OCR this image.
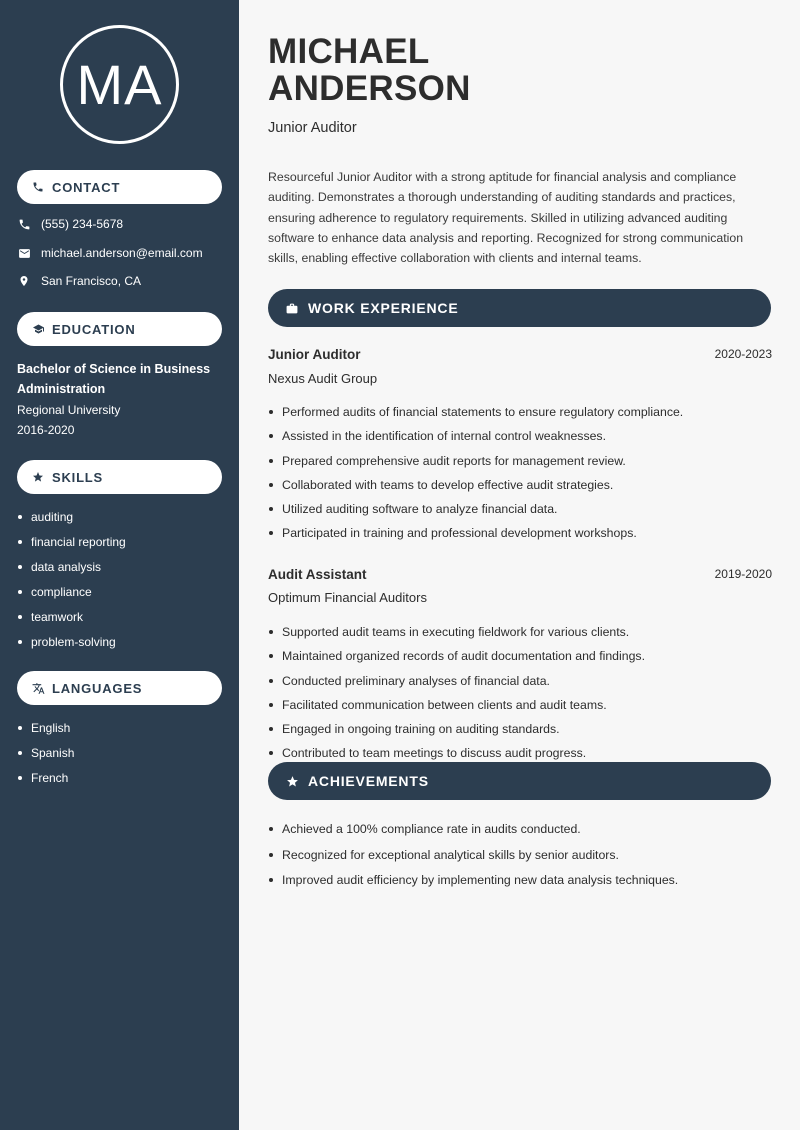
MA
CONTACT
(555) 234-5678
michael.anderson@email.com
San Francisco, CA
EDUCATION
Bachelor of Science in Business Administration
Regional University
2016-2020
SKILLS
auditing
financial reporting
data analysis
compliance
teamwork
problem-solving
LANGUAGES
English
Spanish
French
MICHAEL
ANDERSON
Junior Auditor
Resourceful Junior Auditor with a strong aptitude for financial analysis and compliance auditing. Demonstrates a thorough understanding of auditing standards and practices, ensuring adherence to regulatory requirements. Skilled in utilizing advanced auditing software to enhance data analysis and reporting. Recognized for strong communication skills, enabling effective collaboration with clients and internal teams.
WORK EXPERIENCE
Junior Auditor	2020-2023
Nexus Audit Group
Performed audits of financial statements to ensure regulatory compliance.
Assisted in the identification of internal control weaknesses.
Prepared comprehensive audit reports for management review.
Collaborated with teams to develop effective audit strategies.
Utilized auditing software to analyze financial data.
Participated in training and professional development workshops.
Audit Assistant	2019-2020
Optimum Financial Auditors
Supported audit teams in executing fieldwork for various clients.
Maintained organized records of audit documentation and findings.
Conducted preliminary analyses of financial data.
Facilitated communication between clients and audit teams.
Engaged in ongoing training on auditing standards.
Contributed to team meetings to discuss audit progress.
ACHIEVEMENTS
Achieved a 100% compliance rate in audits conducted.
Recognized for exceptional analytical skills by senior auditors.
Improved audit efficiency by implementing new data analysis techniques.
